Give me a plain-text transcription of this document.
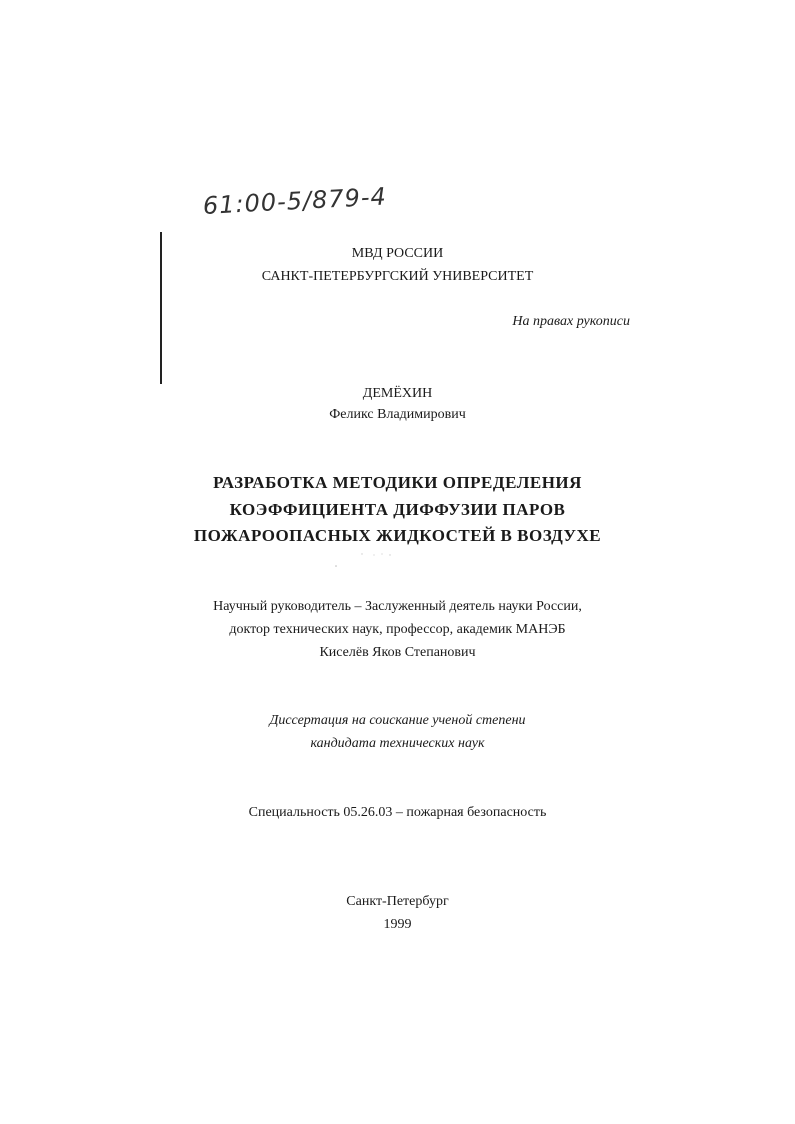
61:00-5/879-4
МВД РОССИИ
САНКТ-ПЕТЕРБУРГСКИЙ УНИВЕРСИТЕТ
На правах рукописи
ДЕМЁХИН
Феликс Владимирович
РАЗРАБОТКА МЕТОДИКИ ОПРЕДЕЛЕНИЯ
КОЭФФИЦИЕНТА ДИФФУЗИИ ПАРОВ
ПОЖАРООПАСНЫХ ЖИДКОСТЕЙ В ВОЗДУХЕ
Научный руководитель – Заслуженный деятель науки России,
доктор технических наук, профессор, академик МАНЭБ
Киселёв Яков Степанович
Диссертация на соискание ученой степени
кандидата технических наук
Специальность 05.26.03 – пожарная безопасность
Санкт-Петербург
1999
